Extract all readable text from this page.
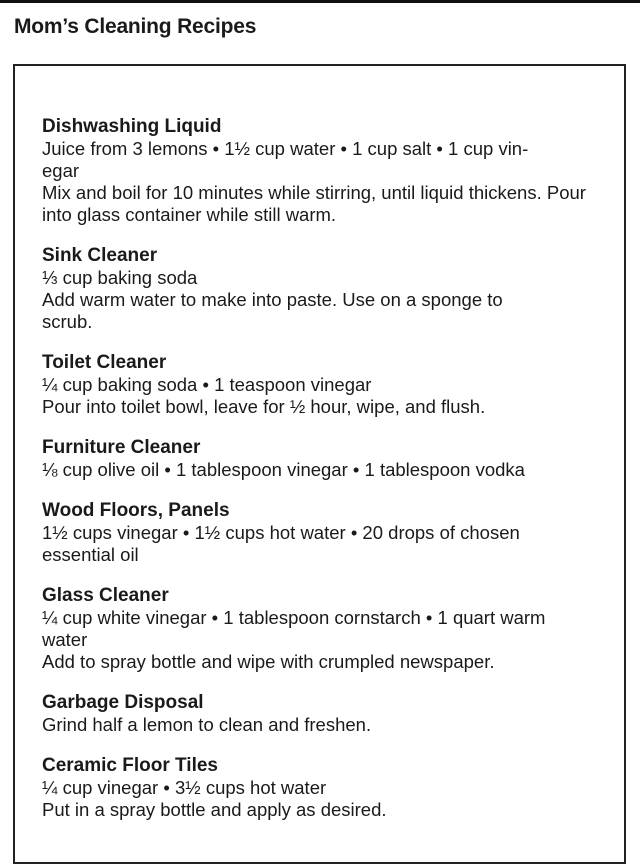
Mom’s Cleaning Recipes

Dishwashing Liquid

Juice from 3 lemons • 1½ cup water • 1 cup salt • 1 cup vin-

egar

Mix and boil for 10 minutes while stirring, until liquid thickens. Pour

into glass container while still warm.

Sink Cleaner

⅓ cup baking soda

Add warm water to make into paste. Use on a sponge to

scrub.

Toilet Cleaner

¼ cup baking soda • 1 teaspoon vinegar

Pour into toilet bowl, leave for ½ hour, wipe, and flush.

Furniture Cleaner

⅛ cup olive oil • 1 tablespoon vinegar • 1 tablespoon vodka

Wood Floors, Panels

1½ cups vinegar • 1½ cups hot water • 20 drops of chosen

essential oil

Glass Cleaner

¼ cup white vinegar • 1 tablespoon cornstarch • 1 quart warm

water

Add to spray bottle and wipe with crumpled newspaper.

Garbage Disposal

Grind half a lemon to clean and freshen.

Ceramic Floor Tiles

¼ cup vinegar • 3½ cups hot water

Put in a spray bottle and apply as desired.
